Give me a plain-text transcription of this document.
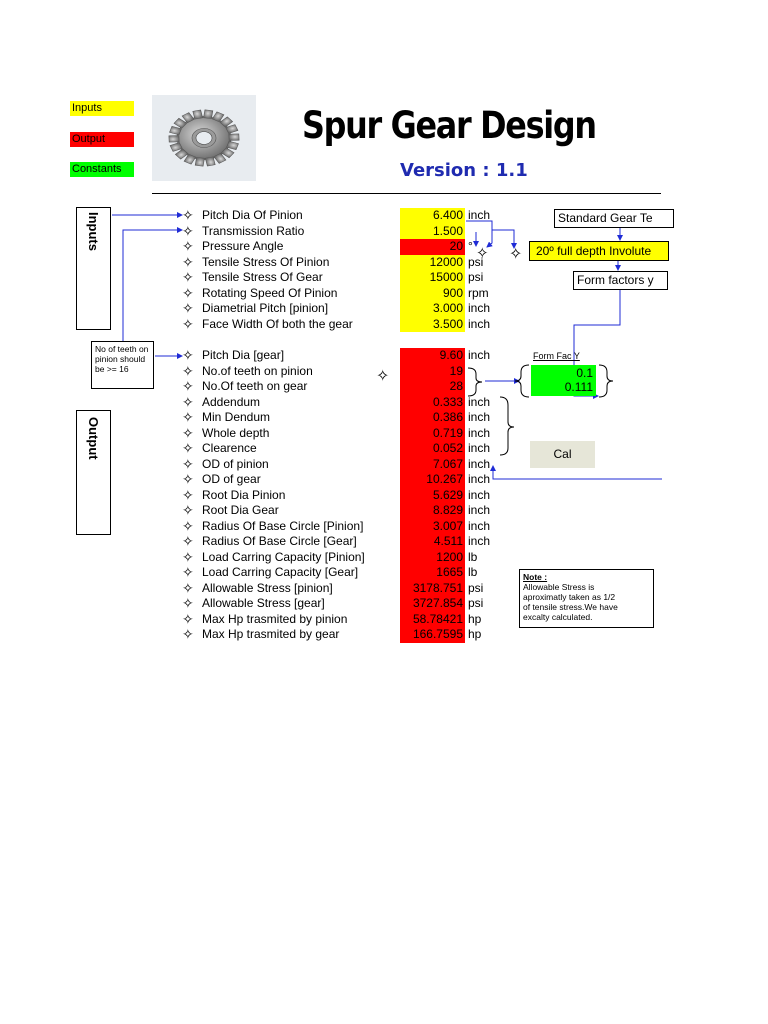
Inputs
Output
Constants
Spur Gear Design
Version : 1.1
Inputs
Output
No of teeth on pinion should be >= 16
✧ Pitch Dia Of Pinion	6.400 inch
✧ Transmission Ratio	1.500
✧ Pressure Angle	20 °
✧ Tensile Stress Of Pinion	12000 psi
✧ Tensile Stress Of Gear	15000 psi
✧ Rotating Speed Of Pinion	900 rpm
✧ Diametrial Pitch [pinion]	3.000 inch
✧ Face Width Of both the gear	3.500 inch
✧ Pitch Dia [gear]	9.60 inch
✧ No.of teeth on pinion	19
✧ No.Of teeth on gear	28
✧ Addendum	0.333 inch
✧ Min Dendum	0.386 inch
✧ Whole depth	0.719 inch
✧ Clearence	0.052 inch
✧ OD of pinion	7.067 inch
✧ OD of gear	10.267 inch
✧ Root Dia Pinion	5.629 inch
✧ Root Dia Gear	8.829 inch
✧ Radius Of Base Circle [Pinion]	3.007 inch
✧ Radius Of Base Circle [Gear]	4.511 inch
✧ Load Carring Capacity [Pinion]	1200 lb
✧ Load Carring Capacity [Gear]	1665 lb
✧ Allowable Stress [pinion]	3178.751 psi
✧ Allowable Stress [gear]	3727.854 psi
✧ Max Hp trasmited by pinion	58.78421 hp
✧ Max Hp trasmited by gear	166.7595 hp
✧
✧
✧
Standard Gear Te
20º full depth Involute
Form factors y
Form Fac Y
0.1
0.111
Cal
Note :
Allowable Stress is
aproximatly taken as 1/2
of tensile stress.We have
excalty calculated.
